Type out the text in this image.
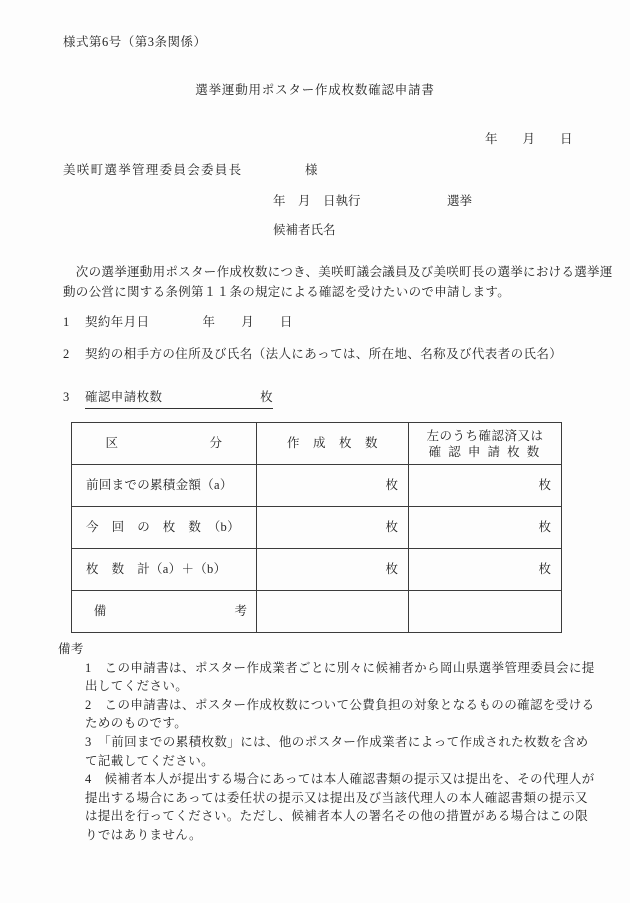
様式第6号（第3条関係）
選挙運動用ポスター作成枚数確認申請書
年　　月　　日
美咲町選挙管理委員会委員長	様
年　月　日執行	選挙
候補者氏名
　次の選挙運動用ポスター作成枚数につき、美咲町議会議員及び美咲町長の選挙における選挙運
動の公営に関する条例第１１条の規定による確認を受けたいので申請します。
1 契約年月日	年　　月　　日
2 契約の相手方の住所及び氏名（法人にあっては、所在地、名称及び代表者の氏名）
3 確認申請枚数	枚
区　　　　　　　分	作　成　枚　数	左のうち確認済又は
確 認 申 請 枚 数

前回までの累積金額（a）	枚	枚
今　回　の　枚　数　（b）	枚	枚
枚　数　計（a）＋（b）	枚	枚
備　　　　　　　　　　考		
備考
1　この申請書は、ポスター作成業者ごとに別々に候補者から岡山県選挙管理委員会に提
出してください。
2　この申請書は、ポスター作成枚数について公費負担の対象となるものの確認を受ける
ためのものです。
3　「前回までの累積枚数」には、他のポスター作成業者によって作成された枚数を含め
て記載してください。
4　候補者本人が提出する場合にあっては本人確認書類の提示又は提出を、その代理人が
提出する場合にあっては委任状の提示又は提出及び当該代理人の本人確認書類の提示又
は提出を行ってください。ただし、候補者本人の署名その他の措置がある場合はこの限
りではありません。
